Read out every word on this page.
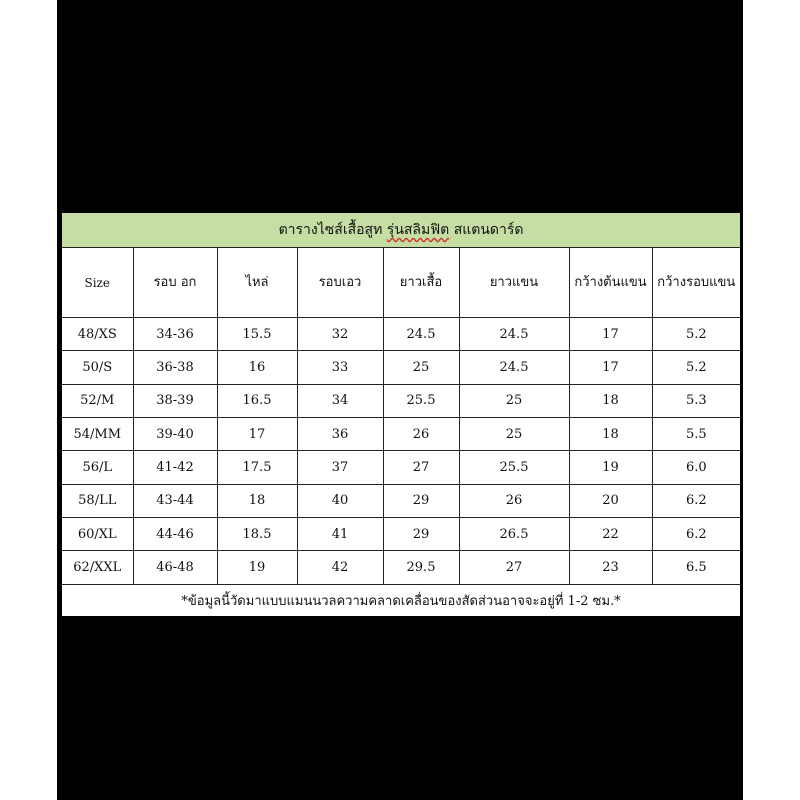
ตารางไซส์เสื้อสูท รุ่นสลิมฟิต สแตนดาร์ด							
Size	รอบ อก	ไหล่	รอบเอว	ยาวเสื้อ	ยาวแขน	กว้างต้นแขน	กว้างรอบแขน
48/XS	34-36	15.5	32	24.5	24.5	17	5.2
50/S	36-38	16	33	25	24.5	17	5.2
52/M	38-39	16.5	34	25.5	25	18	5.3
54/MM	39-40	17	36	26	25	18	5.5
56/L	41-42	17.5	37	27	25.5	19	6.0
58/LL	43-44	18	40	29	26	20	6.2
60/XL	44-46	18.5	41	29	26.5	22	6.2
62/XXL	46-48	19	42	29.5	27	23	6.5
*ข้อมูลนี้วัดมาแบบแมนนวลความคลาดเคลื่อนของสัดส่วนอาจจะอยู่ที่ 1-2 ซม.*							
